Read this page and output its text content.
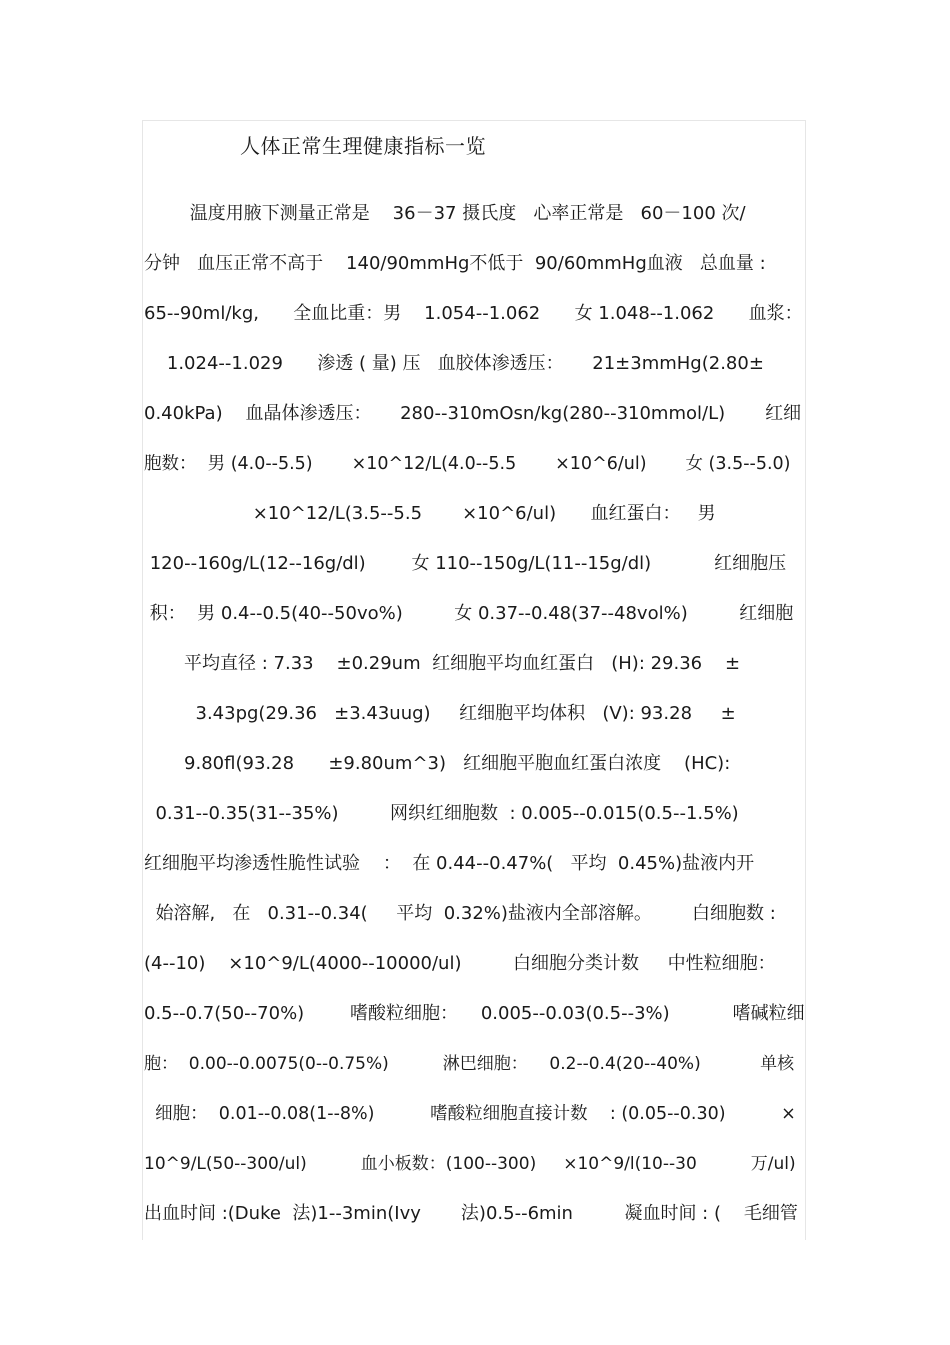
人体正常生理健康指标一览
温度用腋下测量正常是    36－37 摄氏度   心率正常是   60－100 次/
分钟   血压正常不高于    140/90mmHg不低于  90/60mmHg血液   总血量 :
65--90ml/kg,      全血比重：男    1.054--1.062      女 1.048--1.062      血浆：
1.024--1.029      渗透 ( 量) 压   血胶体渗透压：     21±3mmHg(2.80±
0.40kPa)    血晶体渗透压：     280--310mOsn/kg(280--310mmol/L)       红细
胞数：  男 (4.0--5.5)       ×10^12/L(4.0--5.5       ×10^6/ul)       女 (3.5--5.0)
×10^12/L(3.5--5.5       ×10^6/ul)      血红蛋白：   男
120--160g/L(12--16g/dl)        女 110--150g/L(11--15g/dl)           红细胞压
积：  男 0.4--0.5(40--50vo%)         女 0.37--0.48(37--48vol%)         红细胞
平均直径 : 7.33    ±0.29um  红细胞平均血红蛋白   (H): 29.36    ±
3.43pg(29.36   ±3.43uug)     红细胞平均体积   (V): 93.28     ±
9.80fl(93.28      ±9.80um^3)   红细胞平胞血红蛋白浓度    (HC):
0.31--0.35(31--35%)         网织红细胞数  : 0.005--0.015(0.5--1.5%)
红细胞平均渗透性脆性试验    ：  在 0.44--0.47%(   平均  0.45%)盐液内开
始溶解,   在   0.31--0.34(     平均  0.32%)盐液内全部溶解。       白细胞数 :
(4--10)    ×10^9/L(4000--10000/ul)         白细胞分类计数     中性粒细胞：
0.5--0.7(50--70%)        嗜酸粒细胞：    0.005--0.03(0.5--3%)           嗜碱粒细
胞：  0.00--0.0075(0--0.75%)          淋巴细胞：    0.2--0.4(20--40%)           单核
细胞：  0.01--0.08(1--8%)          嗜酸粒细胞直接计数    : (0.05--0.30)          ×
10^9/L(50--300/ul)          血小板数：(100--300)     ×10^9/l(10--30          万/ul)
出血时间 :(Duke  法)1--3min(Ivy       法)0.5--6min         凝血时间 : (    毛细管
